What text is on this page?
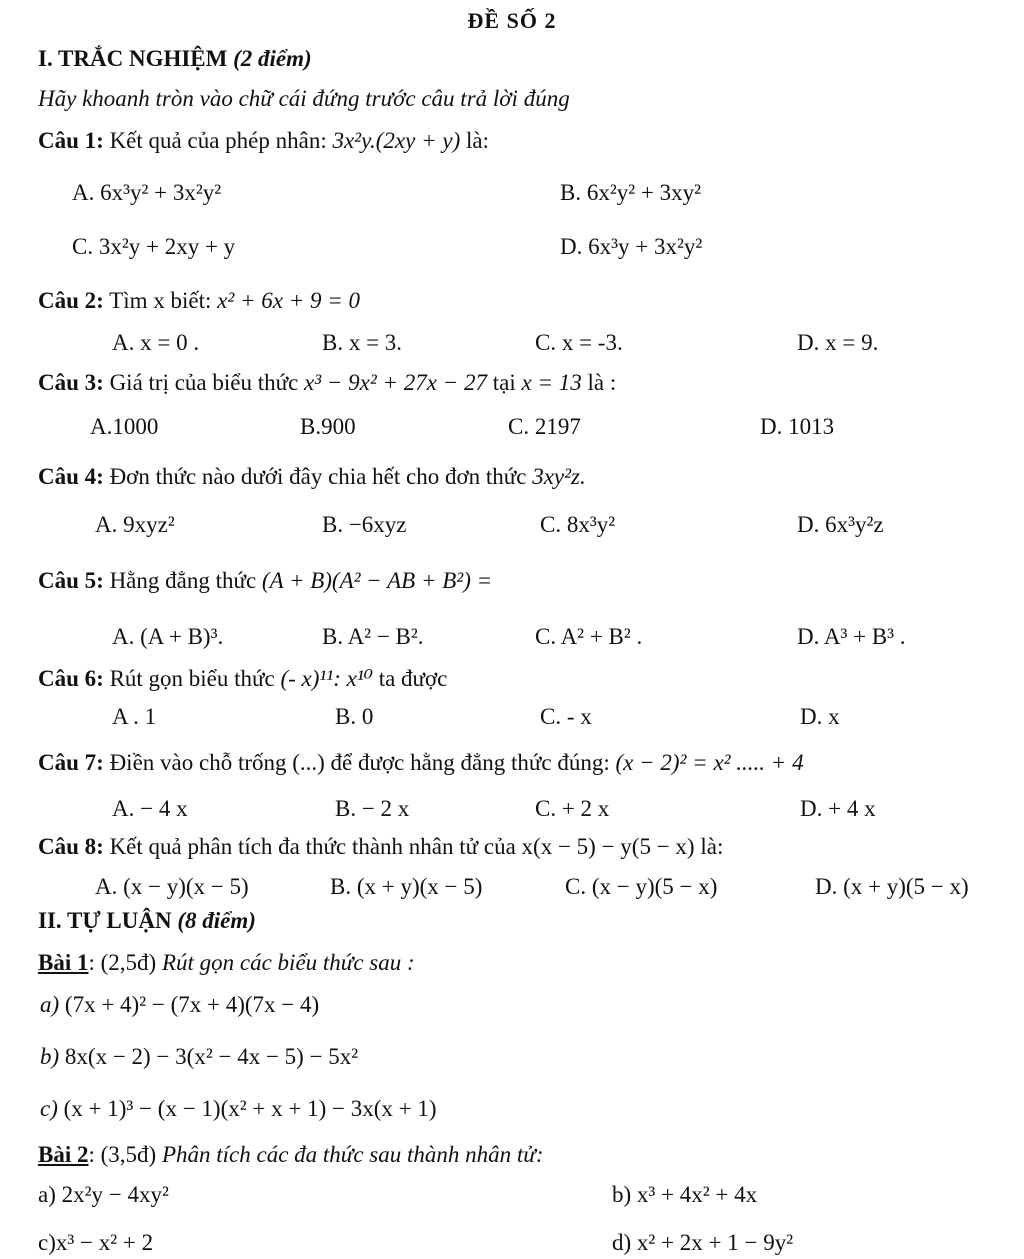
ĐỀ SỐ 2
I. TRẮC NGHIỆM (2 điểm)
Hãy khoanh tròn vào chữ cái đứng trước câu trả lời đúng
Câu 1: Kết quả của phép nhân: 3x²y.(2xy + y) là:
A. 6x³y² + 3x²y²	B. 6x²y² + 3xy²
C. 3x²y + 2xy + y	D. 6x³y + 3x²y²
Câu 2: Tìm x biết: x² + 6x + 9 = 0
A. x = 0 .	B. x = 3.	C. x = -3.	D. x = 9.
Câu 3: Giá trị của biểu thức x³ − 9x² + 27x − 27 tại x = 13 là :
A.1000	B.900	C. 2197	D. 1013
Câu 4: Đơn thức nào dưới đây chia hết cho đơn thức 3xy²z.
A. 9xyz²	B. −6xyz	C. 8x³y²	D. 6x³y²z
Câu 5: Hằng đẳng thức (A + B)(A² − AB + B²) =
A. (A + B)³.	B. A² − B².	C. A² + B² .	D. A³ + B³ .
Câu 6: Rút gọn biểu thức (- x)¹¹: x¹⁰ ta được
A . 1	B. 0	C. - x	D. x
Câu 7: Điền vào chỗ trống (...) để được hằng đẳng thức đúng: (x − 2)² = x² ..... + 4
A. − 4 x	B. − 2 x	C. + 2 x	D. + 4 x
Câu 8: Kết quả phân tích đa thức thành nhân tử của x(x − 5) − y(5 − x) là:
A. (x − y)(x − 5)	B. (x + y)(x − 5)	C. (x − y)(5 − x)	D. (x + y)(5 − x)
II. TỰ LUẬN (8 điểm)
Bài 1: (2,5đ) Rút gọn các biểu thức sau :
a) (7x + 4)² − (7x + 4)(7x − 4)
b) 8x(x − 2) − 3(x² − 4x − 5) − 5x²
c) (x + 1)³ − (x − 1)(x² + x + 1) − 3x(x + 1)
Bài 2: (3,5đ) Phân tích các đa thức sau thành nhân tử:
a) 2x²y − 4xy²	b) x³ + 4x² + 4x
c)x³ − x² + 2	d) x² + 2x + 1 − 9y²
